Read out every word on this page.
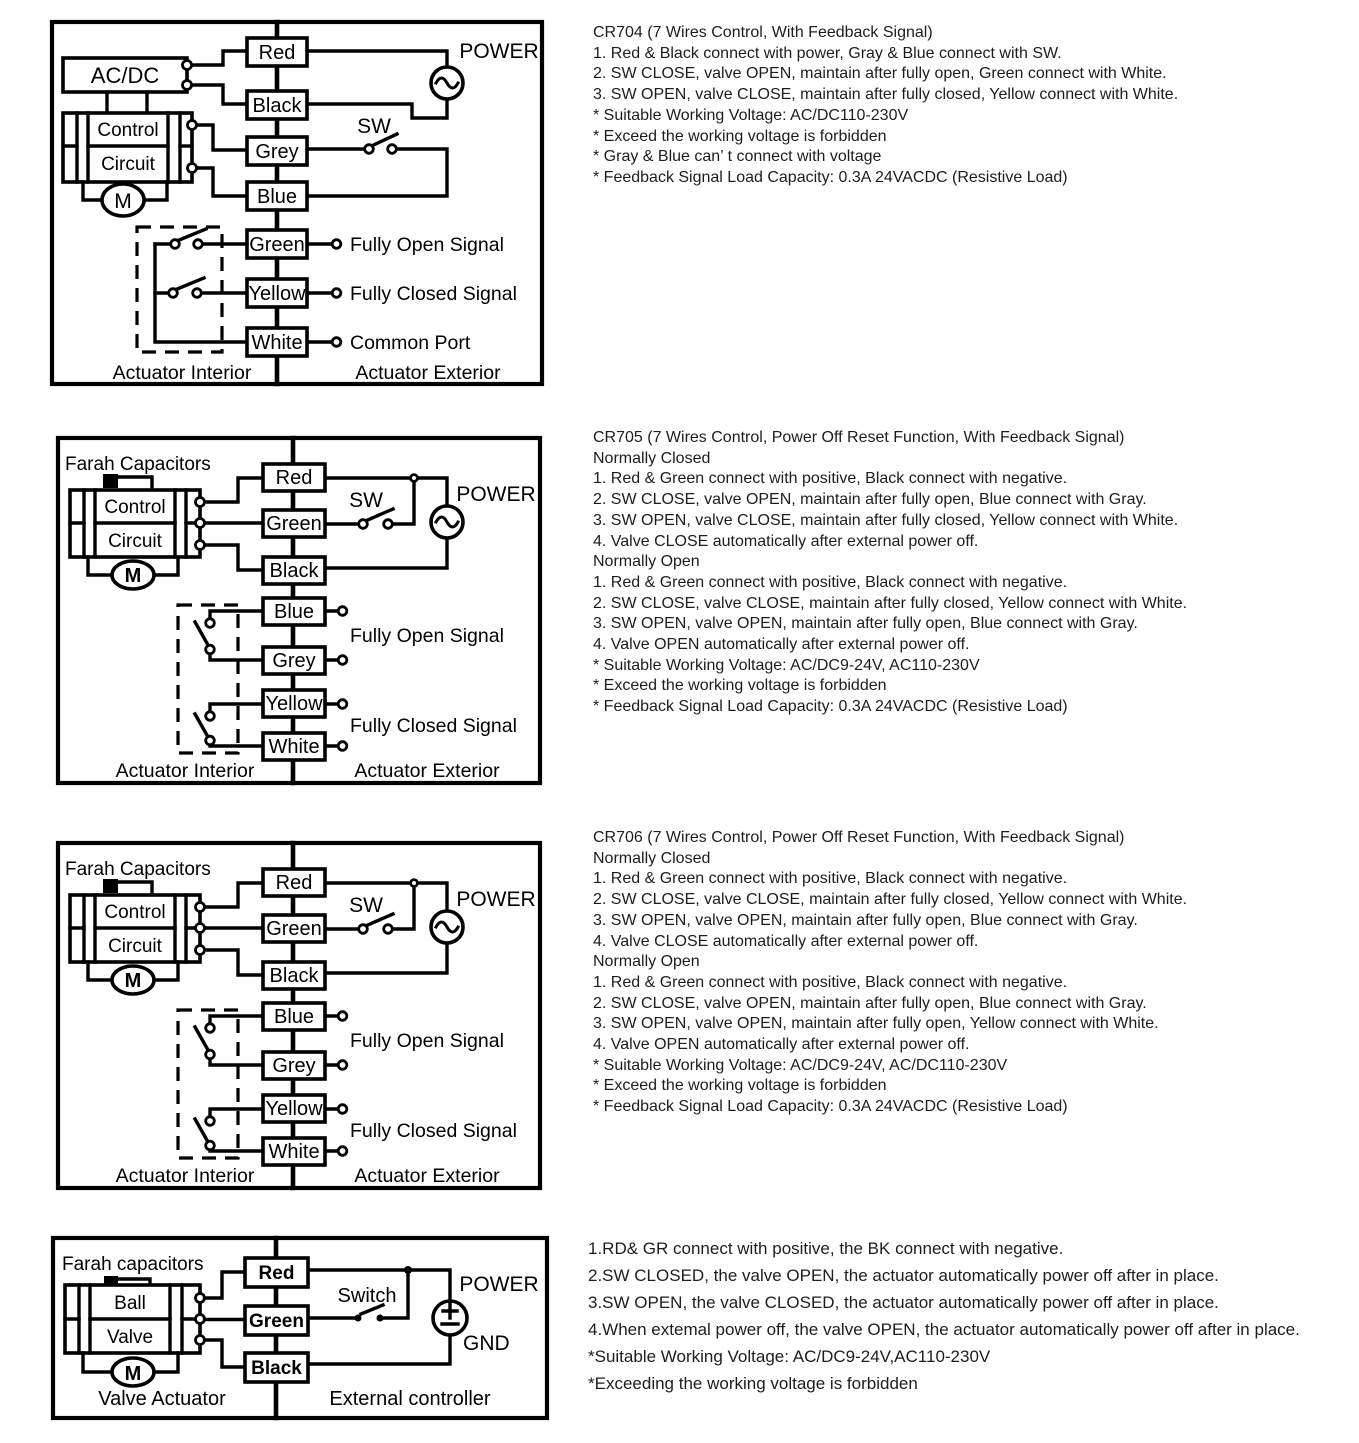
AC/DC
Control
Circuit
M
Red
Black
Grey
Blue
Green
Yellow
White
POWER
SW
Fully Open Signal
Fully Closed Signal
Common Port
Actuator Interior	Actuator Exterior
Farah Capacitors
Control
Circuit
M
Red
Green
Black
Blue
Grey
Yellow
White
SW	POWER
Fully Open Signal
Fully Closed Signal
Actuator Interior	Actuator Exterior
Farah Capacitors
Control
Circuit
M
Red
Green
Black
Blue
Grey
Yellow
White
SW	POWER
Fully Open Signal
Fully Closed Signal
Actuator Interior	Actuator Exterior
Farah capacitors
Ball
Valve
M
Red
Green
Black
Switch	POWER
GND
Valve Actuator	External controller
CR704 (7 Wires Control, With Feedback Signal)
1. Red & Black connect with power, Gray & Blue connect with SW.
2. SW CLOSE, valve OPEN, maintain after fully open, Green connect with White.
3. SW OPEN, valve CLOSE, maintain after fully closed, Yellow connect with White.
* Suitable Working Voltage: AC/DC110-230V
* Exceed the working voltage is forbidden
* Gray & Blue can’ t connect with voltage
* Feedback Signal Load Capacity: 0.3A 24VACDC (Resistive Load)
CR705 (7 Wires Control, Power Off Reset Function, With Feedback Signal)
Normally Closed
1. Red & Green connect with positive, Black connect with negative.
2. SW CLOSE, valve OPEN, maintain after fully open, Blue connect with Gray.
3. SW OPEN, valve CLOSE, maintain after fully closed, Yellow connect with White.
4. Valve CLOSE automatically after external power off.
Normally Open
1. Red & Green connect with positive, Black connect with negative.
2. SW CLOSE, valve CLOSE, maintain after fully closed, Yellow connect with White.
3. SW OPEN, valve OPEN, maintain after fully open, Blue connect with Gray.
4. Valve OPEN automatically after external power off.
* Suitable Working Voltage: AC/DC9-24V, AC110-230V
* Exceed the working voltage is forbidden
* Feedback Signal Load Capacity: 0.3A 24VACDC (Resistive Load)
CR706 (7 Wires Control, Power Off Reset Function, With Feedback Signal)
Normally Closed
1. Red & Green connect with positive, Black connect with negative.
2. SW CLOSE, valve CLOSE, maintain after fully closed, Yellow connect with White.
3. SW OPEN, valve OPEN, maintain after fully open, Blue connect with Gray.
4. Valve CLOSE automatically after external power off.
Normally Open
1. Red & Green connect with positive, Black connect with negative.
2. SW CLOSE, valve OPEN, maintain after fully open, Blue connect with Gray.
3. SW OPEN, valve OPEN, maintain after fully open, Yellow connect with White.
4. Valve OPEN automatically after external power off.
* Suitable Working Voltage: AC/DC9-24V, AC/DC110-230V
* Exceed the working voltage is forbidden
* Feedback Signal Load Capacity: 0.3A 24VACDC (Resistive Load)
1.RD& GR connect with positive, the BK connect with negative.
2.SW CLOSED, the valve OPEN, the actuator automatically power off after in place.
3.SW OPEN, the valve CLOSED, the actuator automatically power off after in place.
4.When extemal power off, the valve OPEN, the actuator automatically power off after in place.
*Suitable Working Voltage: AC/DC9-24V,AC110-230V
*Exceeding the working voltage is forbidden
